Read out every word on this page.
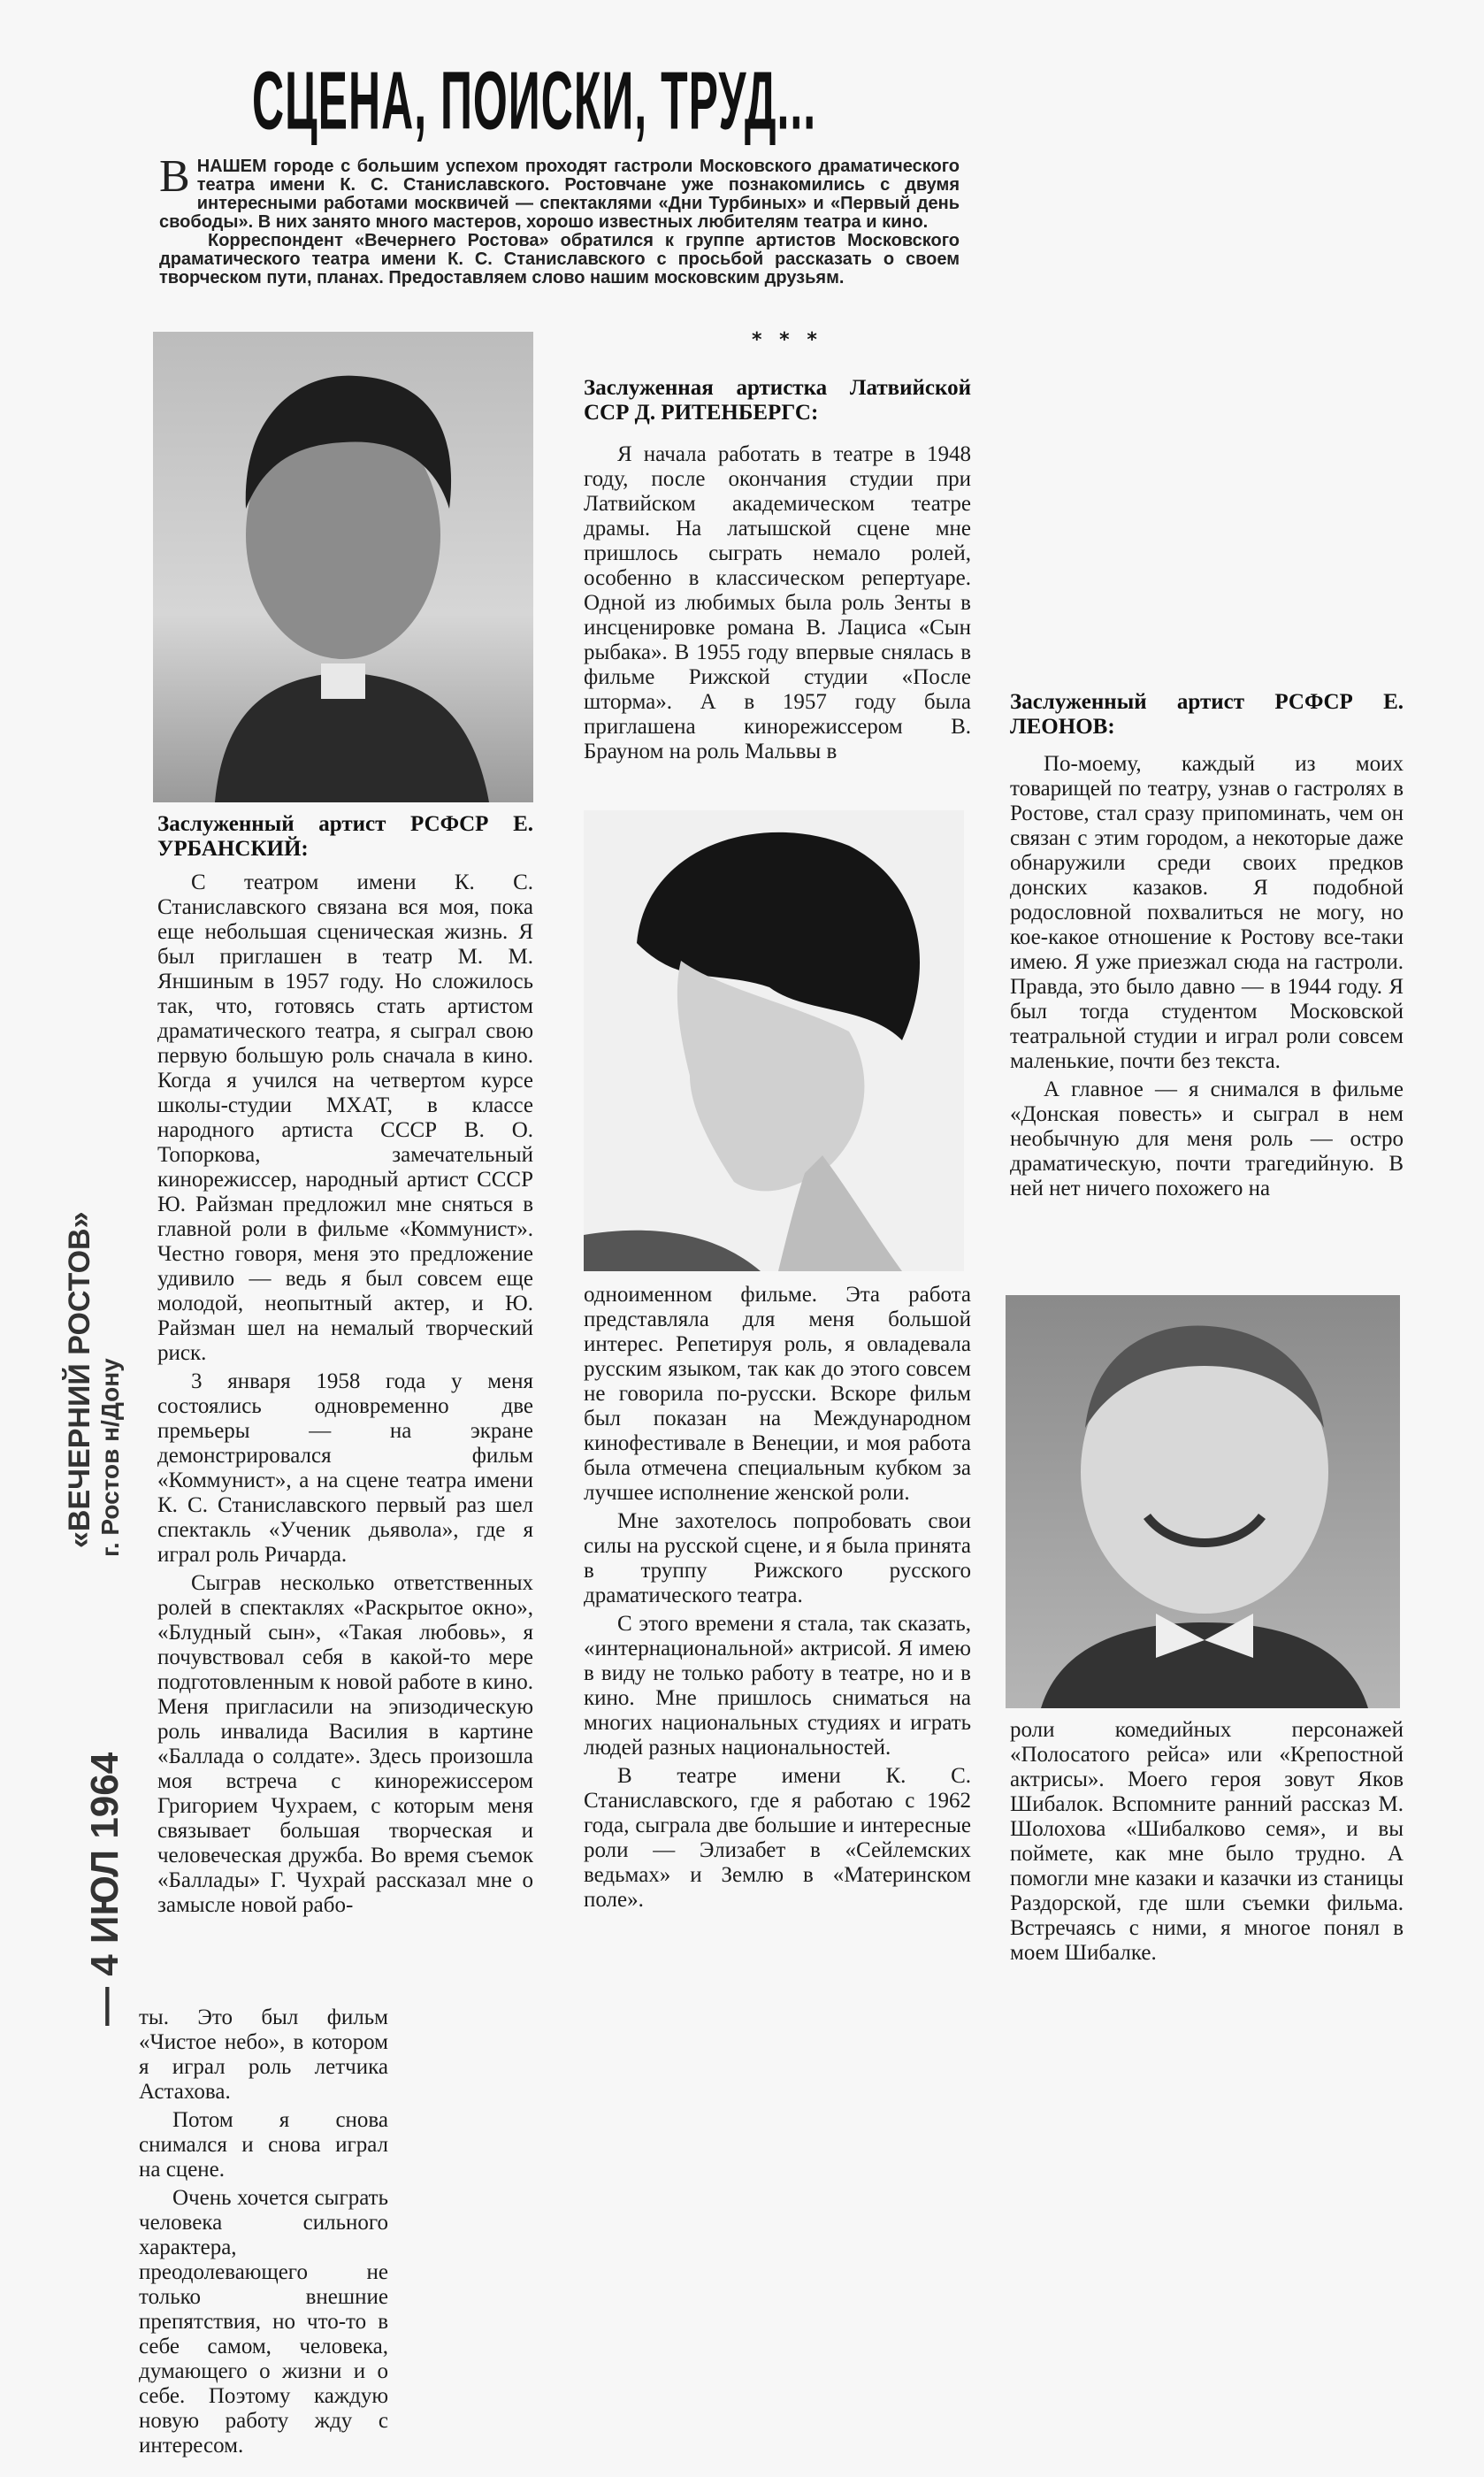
СЦЕНА, ПОИСКИ, ТРУД...

ВНАШЕМ городе с большим успехом проходят гастроли Московского драматического театра имени К. С. Станиславского. Ростовчане уже познакомились с двумя интересными работами москвичей — спектаклями «Дни Турбиных» и «Первый день свободы». В них занято много мастеров, хорошо известных любителям театра и кино.

Корреспондент «Вечернего Ростова» обратился к группе артистов Московского драматического театра имени К. С. Станиславского с просьбой рассказать о своем творческом пути, планах. Предоставляем слово нашим московским друзьям.

* * *
«ВЕЧЕРНИЙ РОСТОВ» г. Ростов н/Дону
— 4 ИЮЛ 1964
Заслуженный артист РСФСР Е. УРБАНСКИЙ:

С театром имени К. С. Станиславского связана вся моя, пока еще небольшая сценическая жизнь. Я был приглашен в театр М. М. Яншиным в 1957 году. Но сложилось так, что, готовясь стать артистом драматического театра, я сыграл свою первую большую роль сначала в кино. Когда я учился на четвертом курсе школы-студии МХАТ, в классе народного артиста СССР В. О. Топоркова, замечательный кинорежиссер, народный артист СССР Ю. Райзман предложил мне сняться в главной роли в фильме «Коммунист». Честно говоря, меня это предложение удивило — ведь я был совсем еще молодой, неопытный актер, и Ю. Райзман шел на немалый творческий риск.

3 января 1958 года у меня состоялись одновременно две премьеры — на экране демонстрировался фильм «Коммунист», а на сцене театра имени К. С. Станиславского первый раз шел спектакль «Ученик дьявола», где я играл роль Ричарда.

Сыграв несколько ответственных ролей в спектаклях «Раскрытое окно», «Блудный сын», «Такая любовь», я почувствовал себя в какой-то мере подготовленным к новой работе в кино. Меня пригласили на эпизодическую роль инвалида Василия в картине «Баллада о солдате». Здесь произошла моя встреча с кинорежиссером Григорием Чухраем, с которым меня связывает большая творческая и человеческая дружба. Во время съемок «Баллады» Г. Чухрай рассказал мне о замысле новой рабо-

ты. Это был фильм «Чистое небо», в котором я играл роль летчика Астахова.

Потом я снова снимался и снова играл на сцене.

Очень хочется сыграть человека сильного характера, преодолевающего не только внешние препятствия, но что-то в себе самом, человека, думающего о жизни и о себе. Поэтому каждую новую работу жду с интересом.

Заслуженная артистка Латвийской ССР Д. РИТЕНБЕРГС:

Я начала работать в театре в 1948 году, после окончания студии при Латвийском академическом театре драмы. На латышской сцене мне пришлось сыграть немало ролей, особенно в классическом репертуаре. Одной из любимых была роль Зенты в инсценировке романа В. Лациса «Сын рыбака». В 1955 году впервые снялась в фильме Рижской студии «После шторма». А в 1957 году была приглашена кинорежиссером В. Брауном на роль Мальвы в

одноименном фильме. Эта работа представляла для меня большой интерес. Репетируя роль, я овладевала русским языком, так как до этого совсем не говорила по-русски. Вскоре фильм был показан на Международном кинофестивале в Венеции, и моя работа была отмечена специальным кубком за лучшее исполнение женской роли.

Мне захотелось попробовать свои силы на русской сцене, и я была принята в труппу Рижского русского драматического театра.

С этого времени я стала, так сказать, «интернациональной» актрисой. Я имею в виду не только работу в театре, но и в кино. Мне пришлось сниматься на многих национальных студиях и играть людей разных национальностей.

В театре имени К. С. Станиславского, где я работаю с 1962 года, сыграла две большие и интересные роли — Элизабет в «Сейлемских ведьмах» и Землю в «Материнском поле».

Заслуженный артист РСФСР Е. ЛЕОНОВ:

По-моему, каждый из моих товарищей по театру, узнав о гастролях в Ростове, стал сразу припоминать, чем он связан с этим городом, а некоторые даже обнаружили среди своих предков донских казаков. Я подобной родословной похвалиться не могу, но кое-какое отношение к Ростову все-таки имею. Я уже приезжал сюда на гастроли. Правда, это было давно — в 1944 году. Я был тогда студентом Московской театральной студии и играл роли совсем маленькие, почти без текста.

А главное — я снимался в фильме «Донская повесть» и сыграл в нем необычную для меня роль — остро драматическую, почти трагедийную. В ней нет ничего похожего на

роли комедийных персонажей «Полосатого рейса» или «Крепостной актрисы». Моего героя зовут Яков Шибалок. Вспомните ранний рассказ М. Шолохова «Шибалково семя», и вы поймете, как мне было трудно. А помогли мне казаки и казачки из станицы Раздорской, где шли съемки фильма. Встречаясь с ними, я многое понял в моем Шибалке.
